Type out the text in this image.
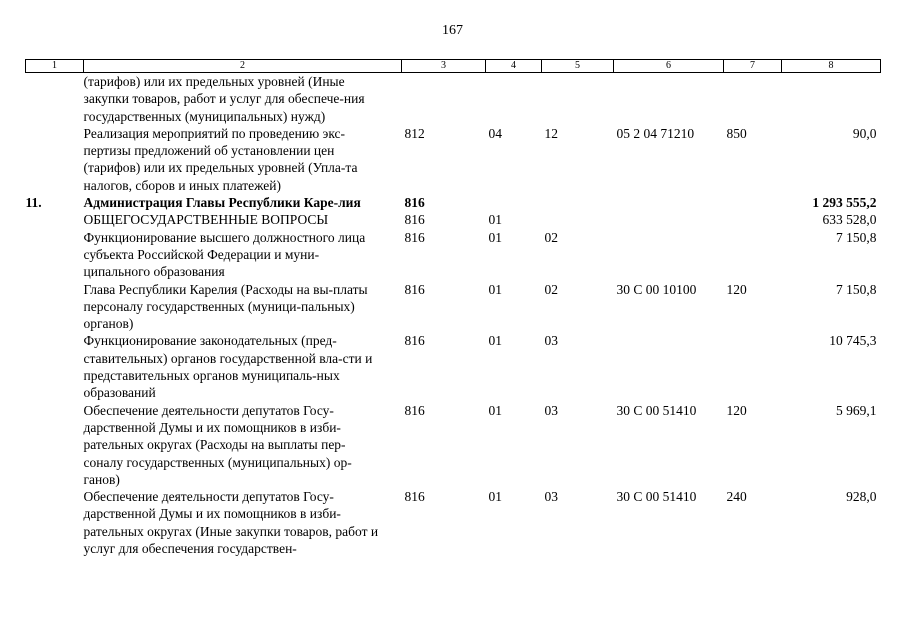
167
1	2	3	4	5	6	7	8
	(тарифов) или их предельных уровней (Иные закупки товаров, работ и услуг для обеспече-ния государственных (муниципальных) нужд)						
	Реализация мероприятий по проведению экс-пертизы предложений об установлении цен (тарифов) или их предельных уровней (Упла-та налогов, сборов и иных платежей)	812	04	12	05 2 04 71210	850	90,0
11.	Администрация Главы Республики Каре-лия	816					1 293 555,2
	ОБЩЕГОСУДАРСТВЕННЫЕ ВОПРОСЫ	816	01				633 528,0
	Функционирование высшего должностного лица субъекта Российской Федерации и муни-ципального образования	816	01	02			7 150,8
	Глава Республики Карелия (Расходы на вы-платы персоналу государственных (муници-пальных) органов)	816	01	02	30 С 00 10100	120	7 150,8
	Функционирование законодательных (пред-ставительных) органов государственной вла-сти и представительных органов муниципаль-ных образований	816	01	03			10 745,3
	Обеспечение деятельности депутатов Госу-дарственной Думы и их помощников в изби-рательных округах (Расходы на выплаты пер-соналу государственных (муниципальных) ор-ганов)	816	01	03	30 С 00 51410	120	5 969,1
	Обеспечение деятельности депутатов Госу-дарственной Думы и их помощников в изби-рательных округах (Иные закупки товаров, работ и услуг для обеспечения государствен-	816	01	03	30 С 00 51410	240	928,0
